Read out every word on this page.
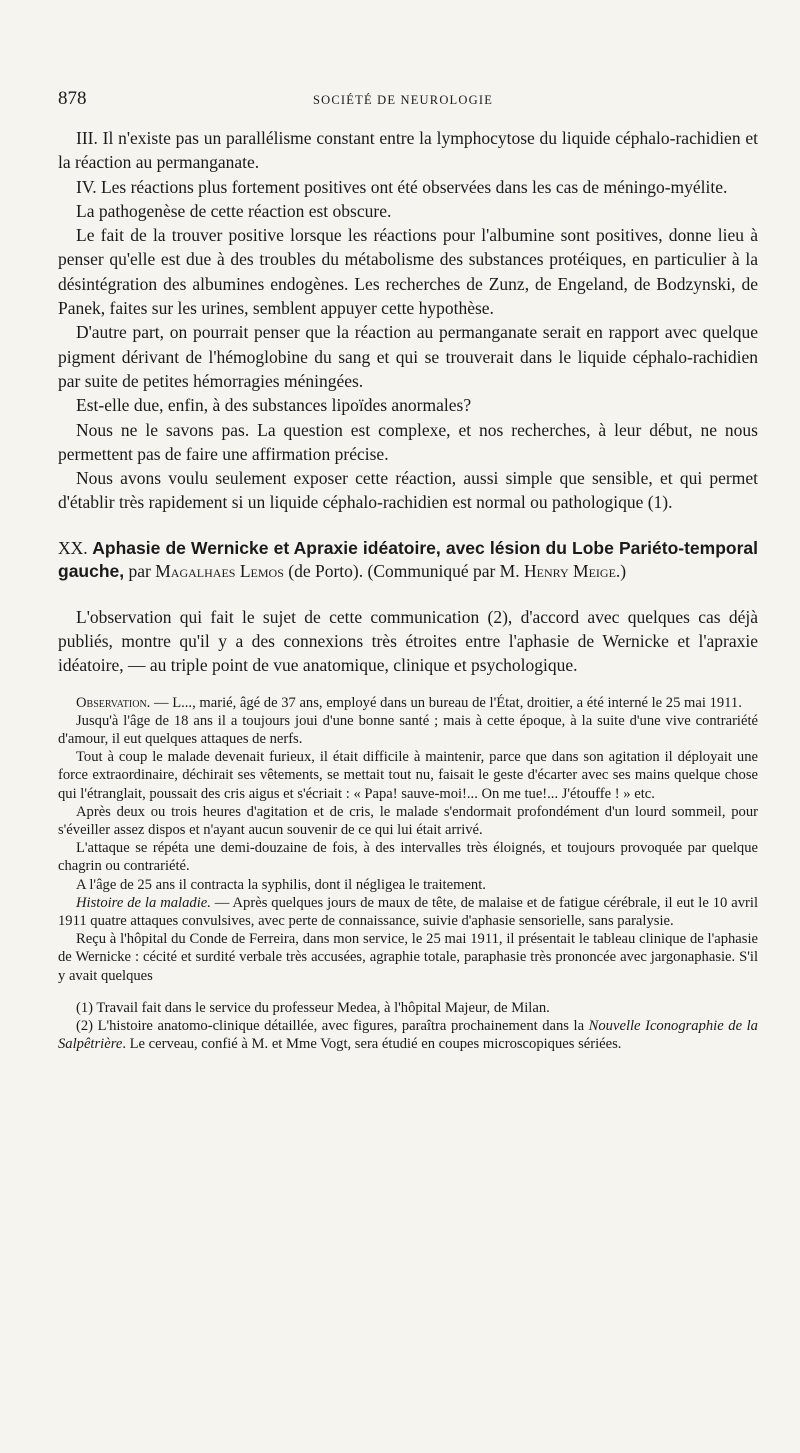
878	SOCIÉTÉ DE NEUROLOGIE

III. Il n'existe pas un parallélisme constant entre la lymphocytose du liquide céphalo-rachidien et la réaction au permanganate.

IV. Les réactions plus fortement positives ont été observées dans les cas de méningo-myélite.

La pathogenèse de cette réaction est obscure.

Le fait de la trouver positive lorsque les réactions pour l'albumine sont positives, donne lieu à penser qu'elle est due à des troubles du métabolisme des substances protéiques, en particulier à la désintégration des albumines endogènes. Les recherches de Zunz, de Engeland, de Bodzynski, de Panek, faites sur les urines, semblent appuyer cette hypothèse.

D'autre part, on pourrait penser que la réaction au permanganate serait en rapport avec quelque pigment dérivant de l'hémoglobine du sang et qui se trouverait dans le liquide céphalo-rachidien par suite de petites hémorragies méningées.

Est-elle due, enfin, à des substances lipoïdes anormales?

Nous ne le savons pas. La question est complexe, et nos recherches, à leur début, ne nous permettent pas de faire une affirmation précise.

Nous avons voulu seulement exposer cette réaction, aussi simple que sensible, et qui permet d'établir très rapidement si un liquide céphalo-rachidien est normal ou pathologique (1).

XX. Aphasie de Wernicke et Apraxie idéatoire, avec lésion du Lobe Pariéto-temporal gauche, par Magalhaes Lemos (de Porto). (Communiqué par M. Henry Meige.)

L'observation qui fait le sujet de cette communication (2), d'accord avec quelques cas déjà publiés, montre qu'il y a des connexions très étroites entre l'aphasie de Wernicke et l'apraxie idéatoire, — au triple point de vue anatomique, clinique et psychologique.

Observation. — L..., marié, âgé de 37 ans, employé dans un bureau de l'État, droitier, a été interné le 25 mai 1911.

Jusqu'à l'âge de 18 ans il a toujours joui d'une bonne santé ; mais à cette époque, à la suite d'une vive contrariété d'amour, il eut quelques attaques de nerfs.

Tout à coup le malade devenait furieux, il était difficile à maintenir, parce que dans son agitation il déployait une force extraordinaire, déchirait ses vêtements, se mettait tout nu, faisait le geste d'écarter avec ses mains quelque chose qui l'étranglait, poussait des cris aigus et s'écriait : « Papa! sauve-moi!... On me tue!... J'étouffe ! » etc.

Après deux ou trois heures d'agitation et de cris, le malade s'endormait profondément d'un lourd sommeil, pour s'éveiller assez dispos et n'ayant aucun souvenir de ce qui lui était arrivé.

L'attaque se répéta une demi-douzaine de fois, à des intervalles très éloignés, et toujours provoquée par quelque chagrin ou contrariété.

A l'âge de 25 ans il contracta la syphilis, dont il négligea le traitement.

Histoire de la maladie. — Après quelques jours de maux de tête, de malaise et de fatigue cérébrale, il eut le 10 avril 1911 quatre attaques convulsives, avec perte de connaissance, suivie d'aphasie sensorielle, sans paralysie.

Reçu à l'hôpital du Conde de Ferreira, dans mon service, le 25 mai 1911, il présentait le tableau clinique de l'aphasie de Wernicke : cécité et surdité verbale très accusées, agraphie totale, paraphasie très prononcée avec jargonaphasie. S'il y avait quelques

(1) Travail fait dans le service du professeur Medea, à l'hôpital Majeur, de Milan.

(2) L'histoire anatomo-clinique détaillée, avec figures, paraîtra prochainement dans la Nouvelle Iconographie de la Salpêtrière. Le cerveau, confié à M. et Mme Vogt, sera étudié en coupes microscopiques sériées.
